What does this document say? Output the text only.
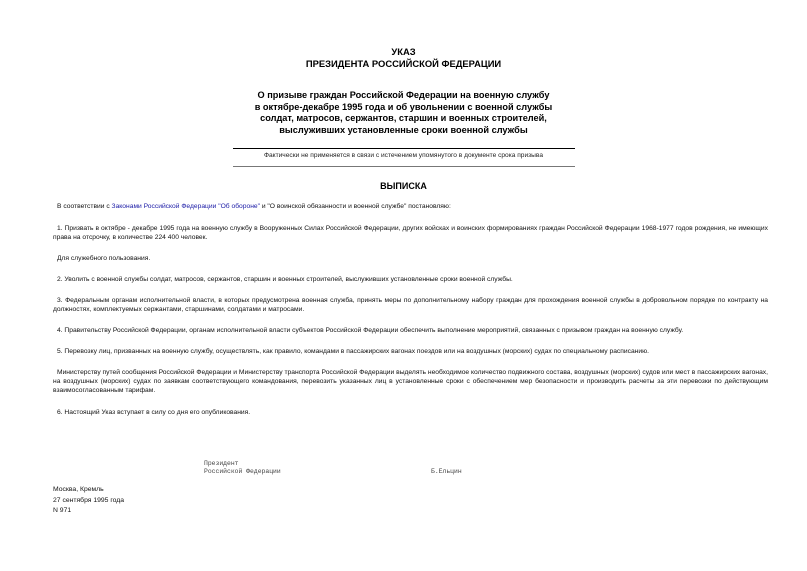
УКАЗ
ПРЕЗИДЕНТА РОССИЙСКОЙ ФЕДЕРАЦИИ
О призыве граждан Российской Федерации на военную службу
в октябре-декабре 1995 года и об увольнении с военной службы
солдат, матросов, сержантов, старшин и военных строителей,
выслуживших установленные сроки военной службы
Фактически не применяется в связи с истечением упомянутого в документе срока призыва
ВЫПИСКА
В соответствии с Законами Российской Федерации "Об обороне" и "О воинской обязанности и военной службе" постановляю:
1. Призвать в октябре - декабре 1995 года на военную службу в Вооруженных Силах Российской Федерации, других войсках и воинских формированиях граждан Российской Федерации 1968-1977 годов рождения, не имеющих права на отсрочку, в количестве 224 400 человек.
Для служебного пользования.
2. Уволить с военной службы солдат, матросов, сержантов, старшин и военных строителей, выслуживших установленные сроки военной службы.
3. Федеральным органам исполнительной власти, в которых предусмотрена военная служба, принять меры по дополнительному набору граждан для прохождения военной службы в добровольном порядке по контракту на должностях, комплектуемых сержантами, старшинами, солдатами и матросами.
4. Правительству Российской Федерации, органам исполнительной власти субъектов Российской Федерации обеспечить выполнение мероприятий, связанных с призывом граждан на военную службу.
5. Перевозку лиц, призванных на военную службу, осуществлять, как правило, командами в пассажирских вагонах поездов или на воздушных (морских) судах по специальному расписанию.
Министерству путей сообщения Российской Федерации и Министерству транспорта Российской Федерации выделять необходимое количество подвижного состава, воздушных (морских) судов или мест в пассажирских вагонах, на воздушных (морских) судах по заявкам соответствующего командования, перевозить указанных лиц в установленные сроки с обеспечением мер безопасности и производить расчеты за эти перевозки по действующим взаимосогласованным тарифам.
6. Настоящий Указ вступает в силу со дня его опубликования.
Президент
Российской Федерации	Б.Ельцин
Москва, Кремль
27 сентября 1995 года
N 971
